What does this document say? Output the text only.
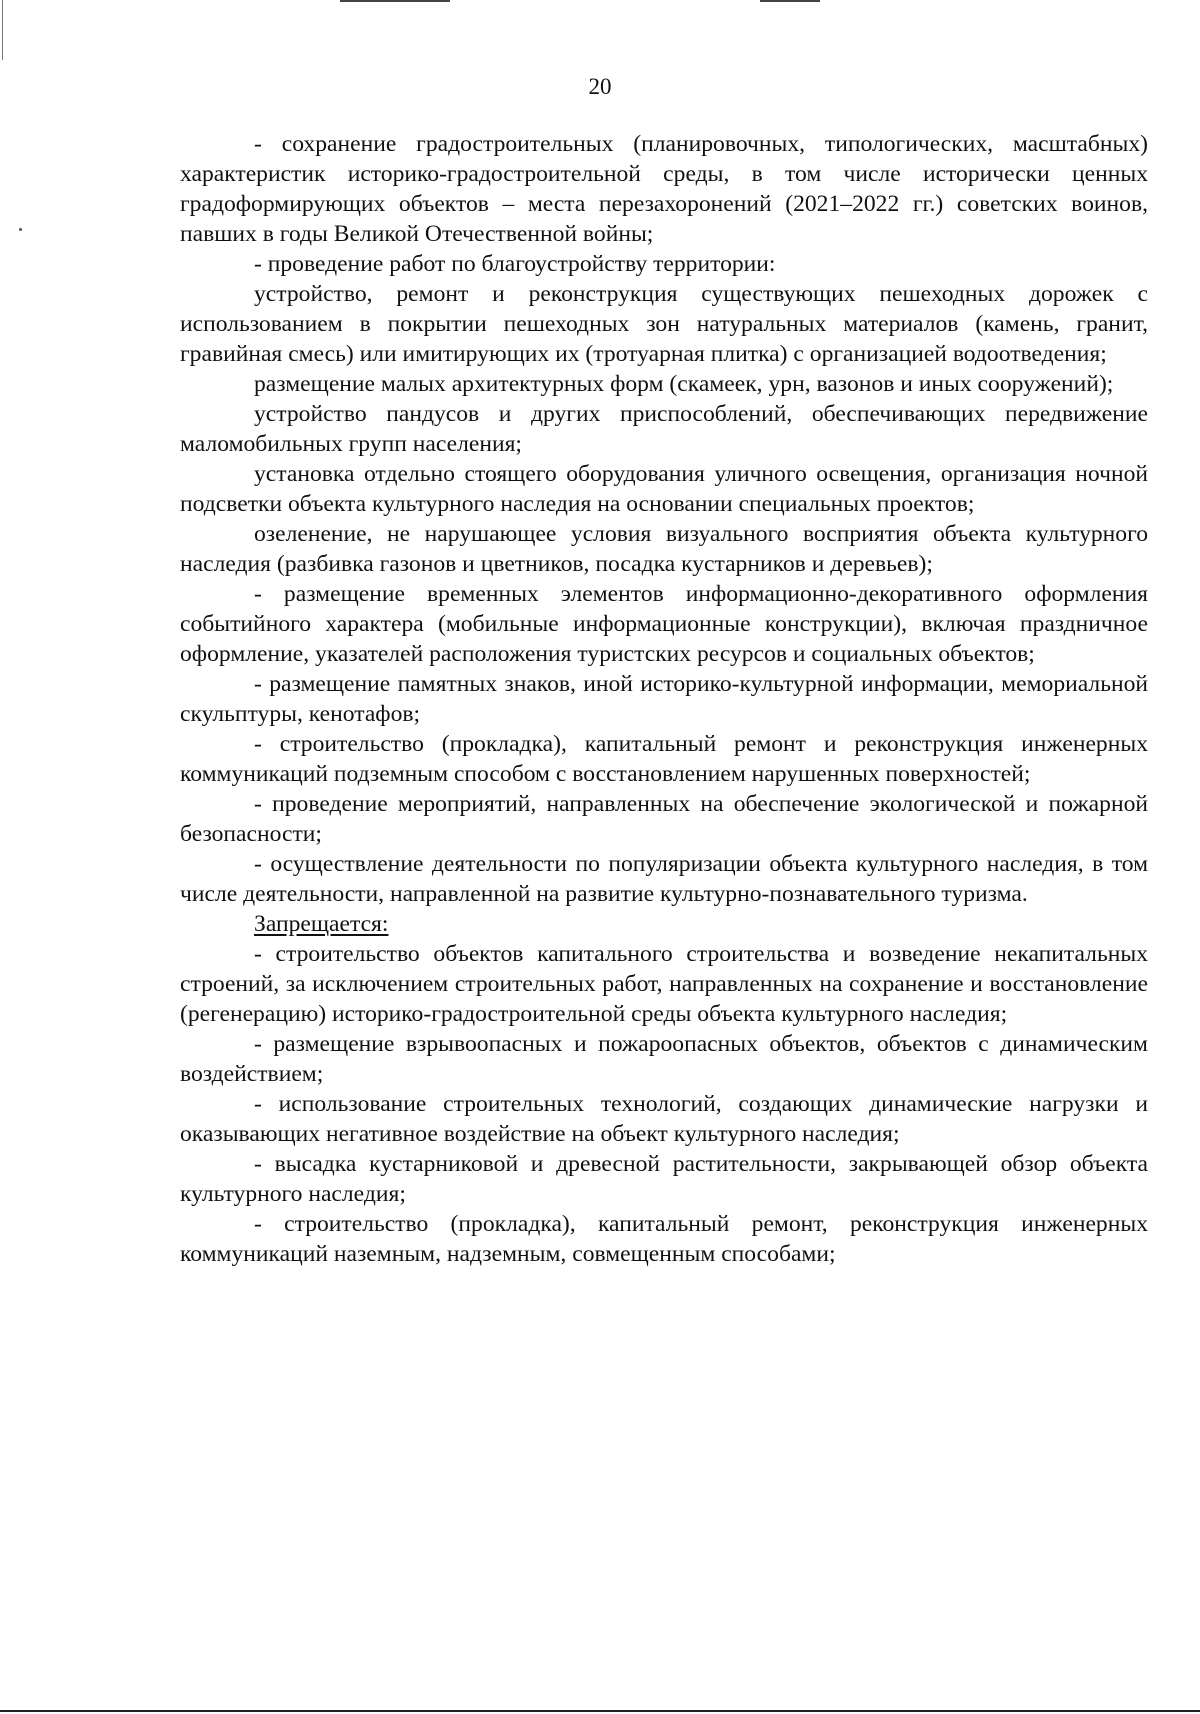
20

- сохранение градостроительных (планировочных, типологических, масштабных) характеристик историко-градостроительной среды, в том числе исторически ценных градоформирующих объектов – места перезахоронений (2021–2022 гг.) советских воинов, павших в годы Великой Отечественной войны;

- проведение работ по благоустройству территории:

устройство, ремонт и реконструкция существующих пешеходных дорожек с использованием в покрытии пешеходных зон натуральных материалов (камень, гранит, гравийная смесь) или имитирующих их (тротуарная плитка) с организацией водоотведения;

размещение малых архитектурных форм (скамеек, урн, вазонов и иных сооружений);

устройство пандусов и других приспособлений, обеспечивающих передвижение маломобильных групп населения;

установка отдельно стоящего оборудования уличного освещения, организация ночной подсветки объекта культурного наследия на основании специальных проектов;

озеленение, не нарушающее условия визуального восприятия объекта культурного наследия (разбивка газонов и цветников, посадка кустарников и деревьев);

- размещение временных элементов информационно-декоративного оформления событийного характера (мобильные информационные конструкции), включая праздничное оформление, указателей расположения туристских ресурсов и социальных объектов;

- размещение памятных знаков, иной историко-культурной информации, мемориальной скульптуры, кенотафов;

- строительство (прокладка), капитальный ремонт и реконструкция инженерных коммуникаций подземным способом с восстановлением нарушенных поверхностей;

- проведение мероприятий, направленных на обеспечение экологической и пожарной безопасности;

- осуществление деятельности по популяризации объекта культурного наследия, в том числе деятельности, направленной на развитие культурно-познавательного туризма.

Запрещается:

- строительство объектов капитального строительства и возведение некапитальных строений, за исключением строительных работ, направленных на сохранение и восстановление (регенерацию) историко-градостроительной среды объекта культурного наследия;

- размещение взрывоопасных и пожароопасных объектов, объектов с динамическим воздействием;

- использование строительных технологий, создающих динамические нагрузки и оказывающих негативное воздействие на объект культурного наследия;

- высадка кустарниковой и древесной растительности, закрывающей обзор объекта культурного наследия;

- строительство (прокладка), капитальный ремонт, реконструкция инженерных коммуникаций наземным, надземным, совмещенным способами;
